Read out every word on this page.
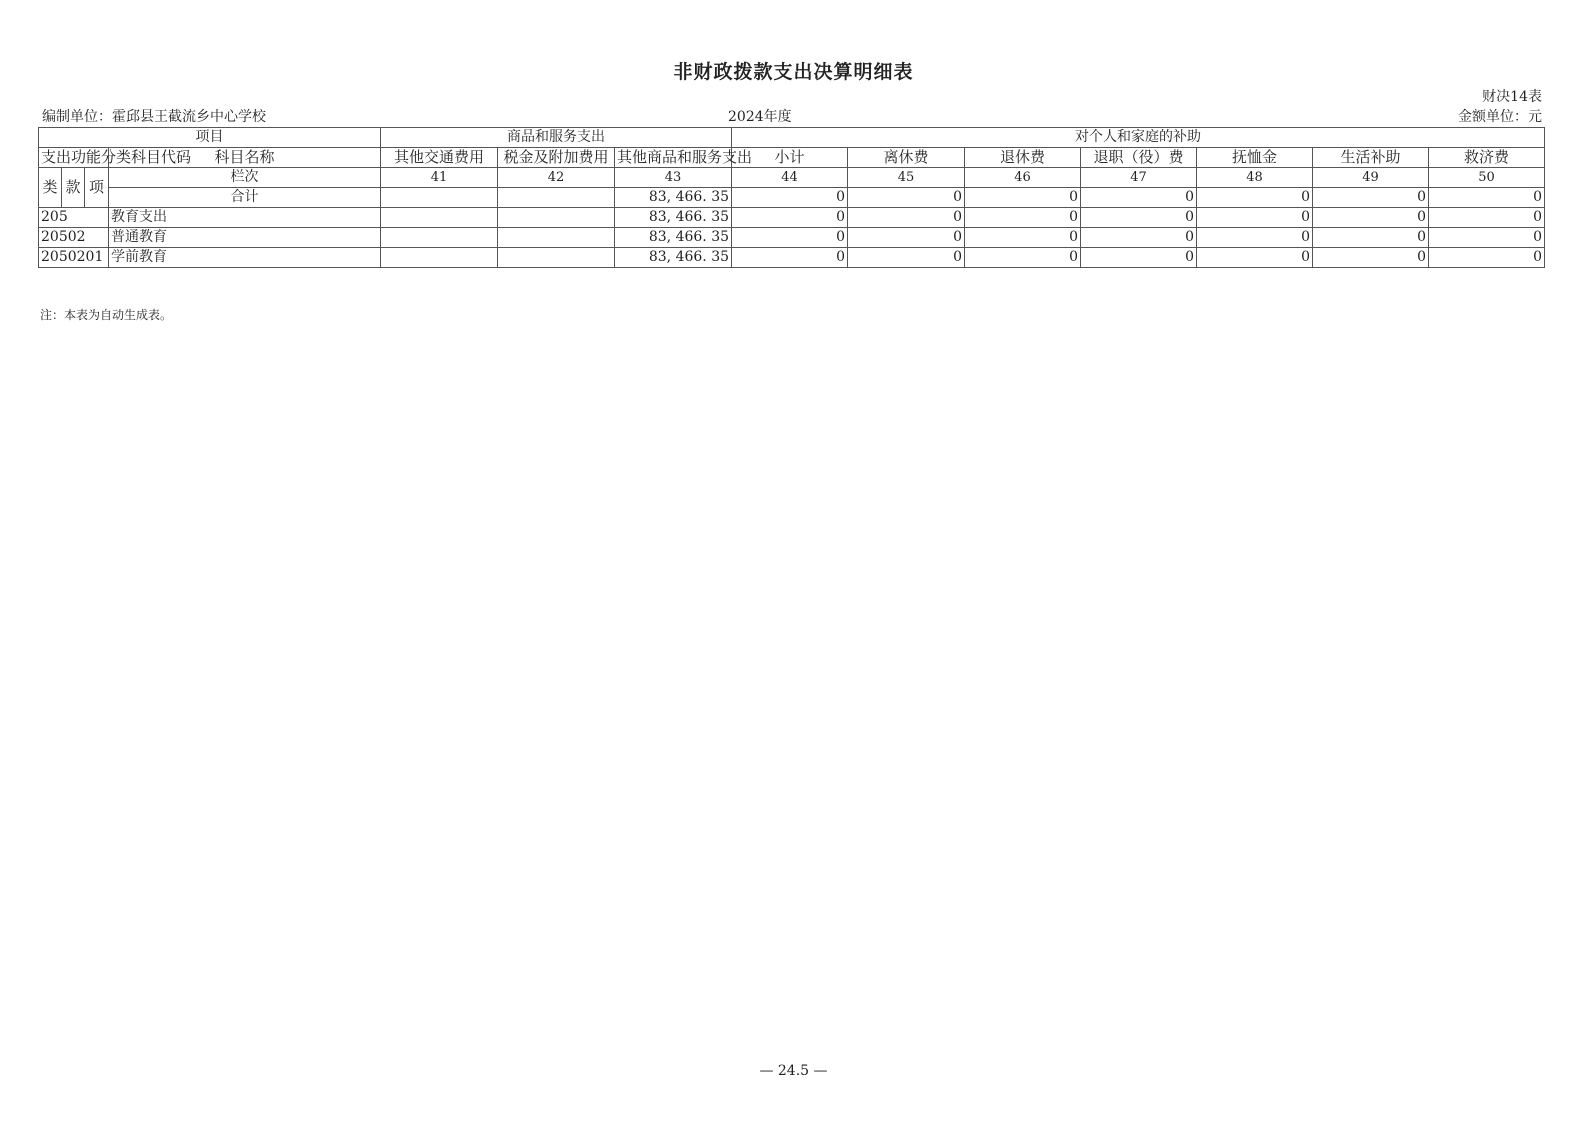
非财政拨款支出决算明细表
财决14表
编制单位：霍邱县王截流乡中心学校	2024年度	金额单位：元
项目				商品和服务支出			对个人和家庭的补助						
支出功能分类科目代码			科目名称	其他交通费用	税金及附加费用	其他商品和服务支出	小计	离休费	退休费	退职（役）费	抚恤金	生活补助	救济费
类	款	项	栏次	41	42	43	44	45	46	47	48	49	50
			合计			83, 466. 35	0	0	0	0	0	0	0
205			教育支出			83, 466. 35	0	0	0	0	0	0	0
20502			普通教育			83, 466. 35	0	0	0	0	0	0	0
2050201			学前教育			83, 466. 35	0	0	0	0	0	0	0
注：本表为自动生成表。
— 24.5 —
